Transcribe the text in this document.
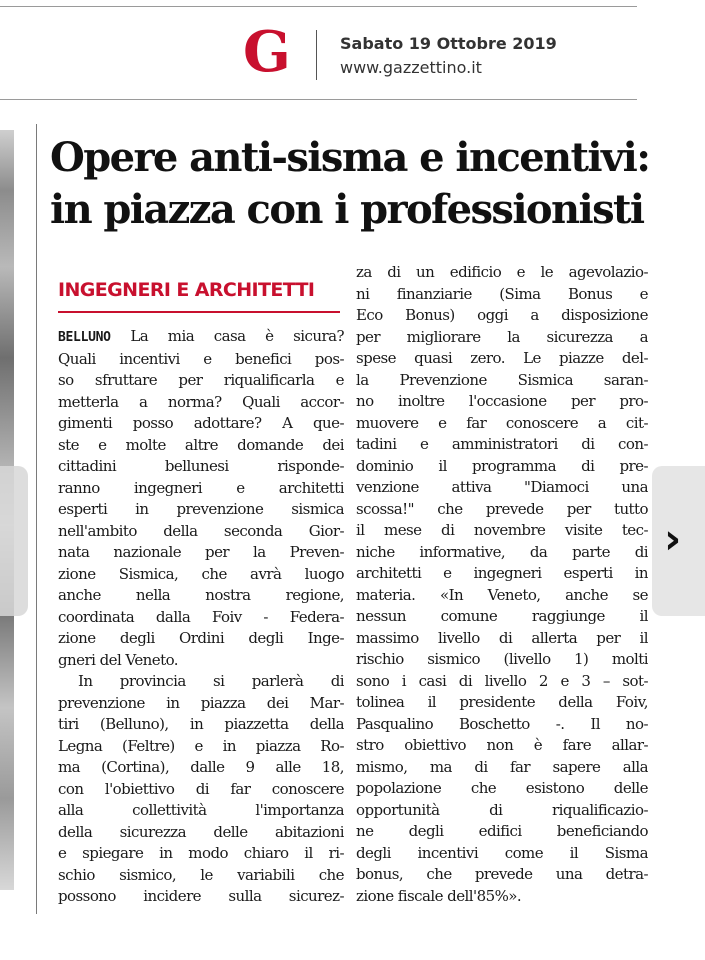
G	Sabato 19 Ottobre 2019
www.gazzettino.it
›
Opere anti-sisma e incentivi:
in piazza con i professionisti
INGEGNERI E ARCHITETTI
BELLUNO La mia casa è sicura?
Quali incentivi e benefici pos-
so sfruttare per riqualificarla e
metterla a norma? Quali accor-
gimenti posso adottare? A que-
ste e molte altre domande dei
cittadini bellunesi risponde-
ranno ingegneri e architetti
esperti in prevenzione sismica
nell'ambito della seconda Gior-
nata nazionale per la Preven-
zione Sismica, che avrà luogo
anche nella nostra regione,
coordinata dalla Foiv - Federa-
zione degli Ordini degli Inge-
gneri del Veneto.
In provincia si parlerà di
prevenzione in piazza dei Mar-
tiri (Belluno), in piazzetta della
Legna (Feltre) e in piazza Ro-
ma (Cortina), dalle 9 alle 18,
con l'obiettivo di far conoscere
alla collettività l'importanza
della sicurezza delle abitazioni
e spiegare in modo chiaro il ri-
schio sismico, le variabili che
possono incidere sulla sicurez-
za di un edificio e le agevolazio-
ni finanziarie (Sima Bonus e
Eco Bonus) oggi a disposizione
per migliorare la sicurezza a
spese quasi zero. Le piazze del-
la Prevenzione Sismica saran-
no inoltre l'occasione per pro-
muovere e far conoscere a cit-
tadini e amministratori di con-
dominio il programma di pre-
venzione attiva "Diamoci una
scossa!" che prevede per tutto
il mese di novembre visite tec-
niche informative, da parte di
architetti e ingegneri esperti in
materia. «In Veneto, anche se
nessun comune raggiunge il
massimo livello di allerta per il
rischio sismico (livello 1) molti
sono i casi di livello 2 e 3 – sot-
tolinea il presidente della Foiv,
Pasqualino Boschetto -. Il no-
stro obiettivo non è fare allar-
mismo, ma di far sapere alla
popolazione che esistono delle
opportunità di riqualificazio-
ne degli edifici beneficiando
degli incentivi come il Sisma
bonus, che prevede una detra-
zione fiscale dell'85%».
